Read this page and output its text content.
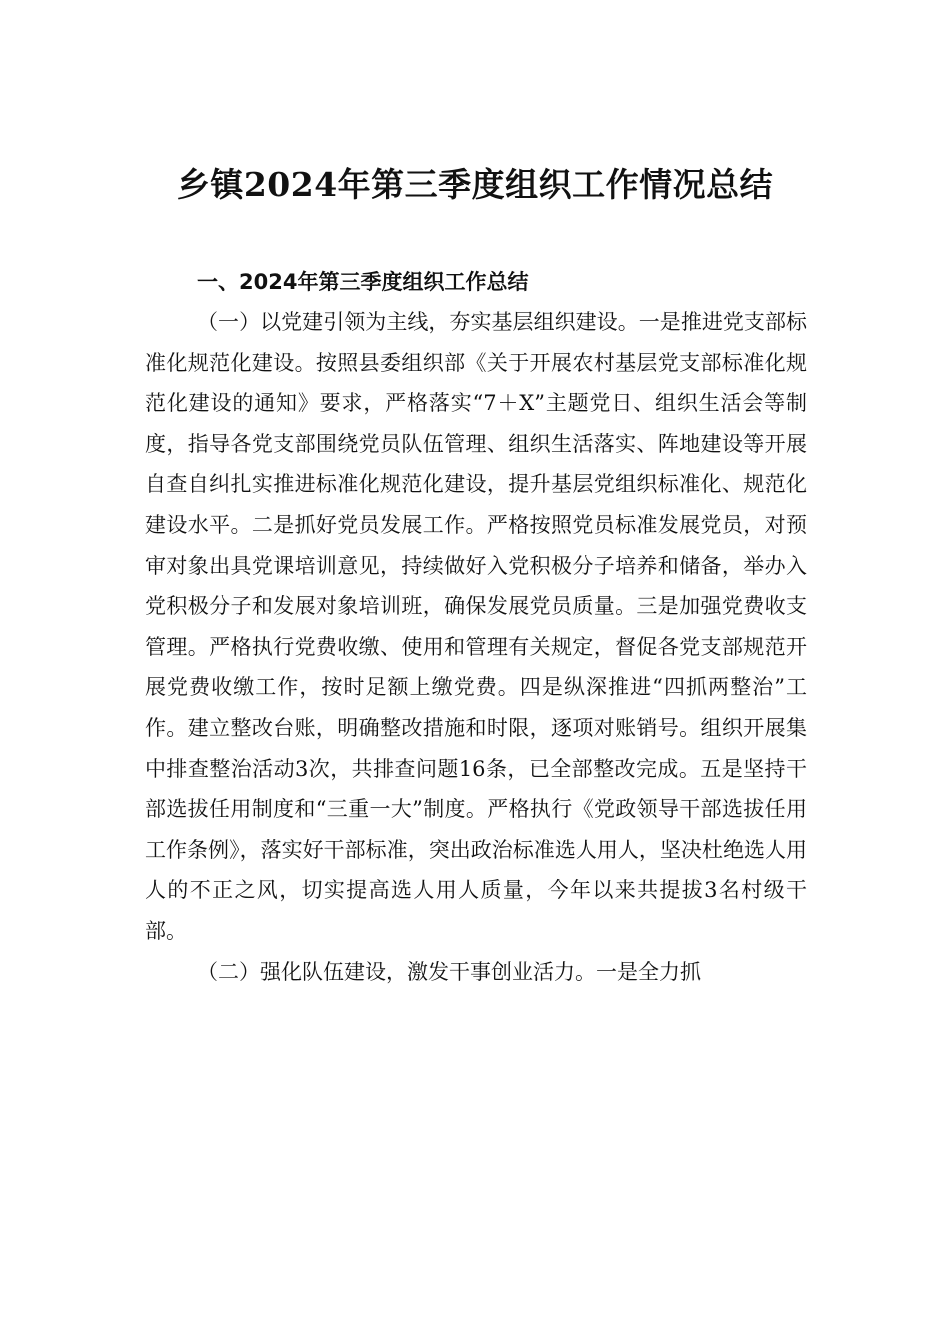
乡镇2024年第三季度组织工作情况总结

一、2024年第三季度组织工作总结

（一）以党建引领为主线，夯实基层组织建设。一是推进党支部标准化规范化建设。按照县委组织部《关于开展农村基层党支部标准化规范化建设的通知》要求，严格落实“7＋X”主题党日、组织生活会等制度，指导各党支部围绕党员队伍管理、组织生活落实、阵地建设等开展自查自纠扎实推进标准化规范化建设，提升基层党组织标准化、规范化建设水平。二是抓好党员发展工作。严格按照党员标准发展党员，对预审对象出具党课培训意见，持续做好入党积极分子培养和储备，举办入党积极分子和发展对象培训班，确保发展党员质量。三是加强党费收支管理。严格执行党费收缴、使用和管理有关规定，督促各党支部规范开展党费收缴工作，按时足额上缴党费。四是纵深推进“四抓两整治”工作。建立整改台账，明确整改措施和时限，逐项对账销号。组织开展集中排查整治活动3次，共排查问题16条，已全部整改完成。五是坚持干部选拔任用制度和“三重一大”制度。严格执行《党政领导干部选拔任用工作条例》，落实好干部标准，突出政治标准选人用人，坚决杜绝选人用人的不正之风，切实提高选人用人质量，今年以来共提拔3名村级干部。

（二）强化队伍建设，激发干事创业活力。一是全力抓
